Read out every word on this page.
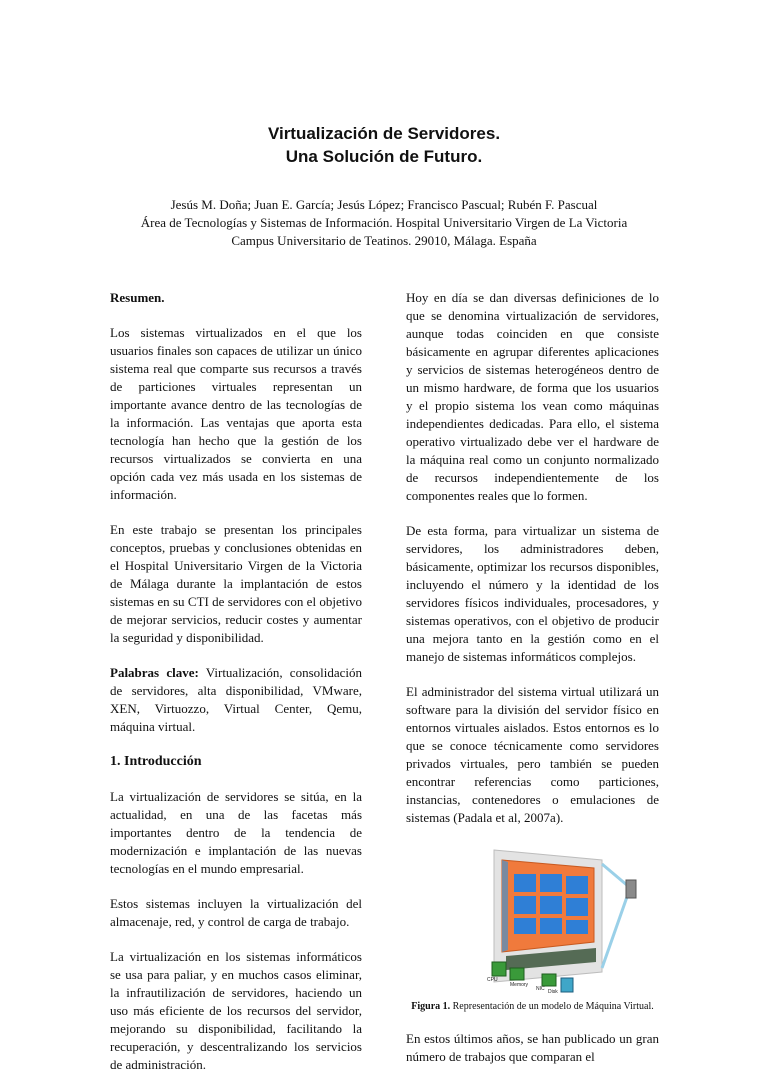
Virtualización de Servidores.
Una Solución de Futuro.
Jesús M. Doña; Juan E. García; Jesús López; Francisco Pascual; Rubén F. Pascual
Área de Tecnologías y Sistemas de Información. Hospital Universitario Virgen de La Victoria
Campus Universitario de Teatinos. 29010, Málaga. España
Resumen.

Los sistemas virtualizados en el que los usuarios finales son capaces de utilizar un único sistema real que comparte sus recursos a través de particiones virtuales representan un importante avance dentro de las tecnologías de la información. Las ventajas que aporta esta tecnología han hecho que la gestión de los recursos virtualizados se convierta en una opción cada vez más usada en los sistemas de información.

En este trabajo se presentan los principales conceptos, pruebas y conclusiones obtenidas en el Hospital Universitario Virgen de la Victoria de Málaga durante la implantación de estos sistemas en su CTI de servidores con el objetivo de mejorar servicios, reducir costes y aumentar la seguridad y disponibilidad.

Palabras clave: Virtualización, consolidación de servidores, alta disponibilidad, VMware, XEN, Virtuozzo, Virtual Center, Qemu, máquina virtual.

1. Introducción

La virtualización de servidores se sitúa, en la actualidad, en una de las facetas más importantes dentro de la tendencia de modernización e implantación de las nuevas tecnologías en el mundo empresarial.

Estos sistemas incluyen la virtualización del almacenaje, red, y control de carga de trabajo.

La virtualización en los sistemas informáticos se usa para paliar, y en muchos casos eliminar, la infrautilización de servidores, haciendo un uso más eficiente de los recursos del servidor, mejorando su disponibilidad, facilitando la recuperación, y descentralizando los servicios de administración.

Hoy en día se dan diversas definiciones de lo que se denomina virtualización de servidores, aunque todas coinciden en que consiste básicamente en agrupar diferentes aplicaciones y servicios de sistemas heterogéneos dentro de un mismo hardware, de forma que los usuarios y el propio sistema los vean como máquinas independientes dedicadas. Para ello, el sistema operativo virtualizado debe ver el hardware de la máquina real como un conjunto normalizado de recursos independientemente de los componentes reales que lo formen.

De esta forma, para virtualizar un sistema de servidores, los administradores deben, básicamente, optimizar los recursos disponibles, incluyendo el número y la identidad de los servidores físicos individuales, procesadores, y sistemas operativos, con el objetivo de producir una mejora tanto en la gestión como en el manejo de sistemas informáticos complejos.

El administrador del sistema virtual utilizará un software para la división del servidor físico en entornos virtuales aislados. Estos entornos es lo que se conoce técnicamente como servidores privados virtuales, pero también se pueden encontrar referencias como particiones, instancias, contenedores o emulaciones de sistemas (Padala et al, 2007a).

CPU
Memory
NIC Disk
Figura 1. Representación de un modelo de Máquina Virtual.

En estos últimos años, se han publicado un gran número de trabajos que comparan el
